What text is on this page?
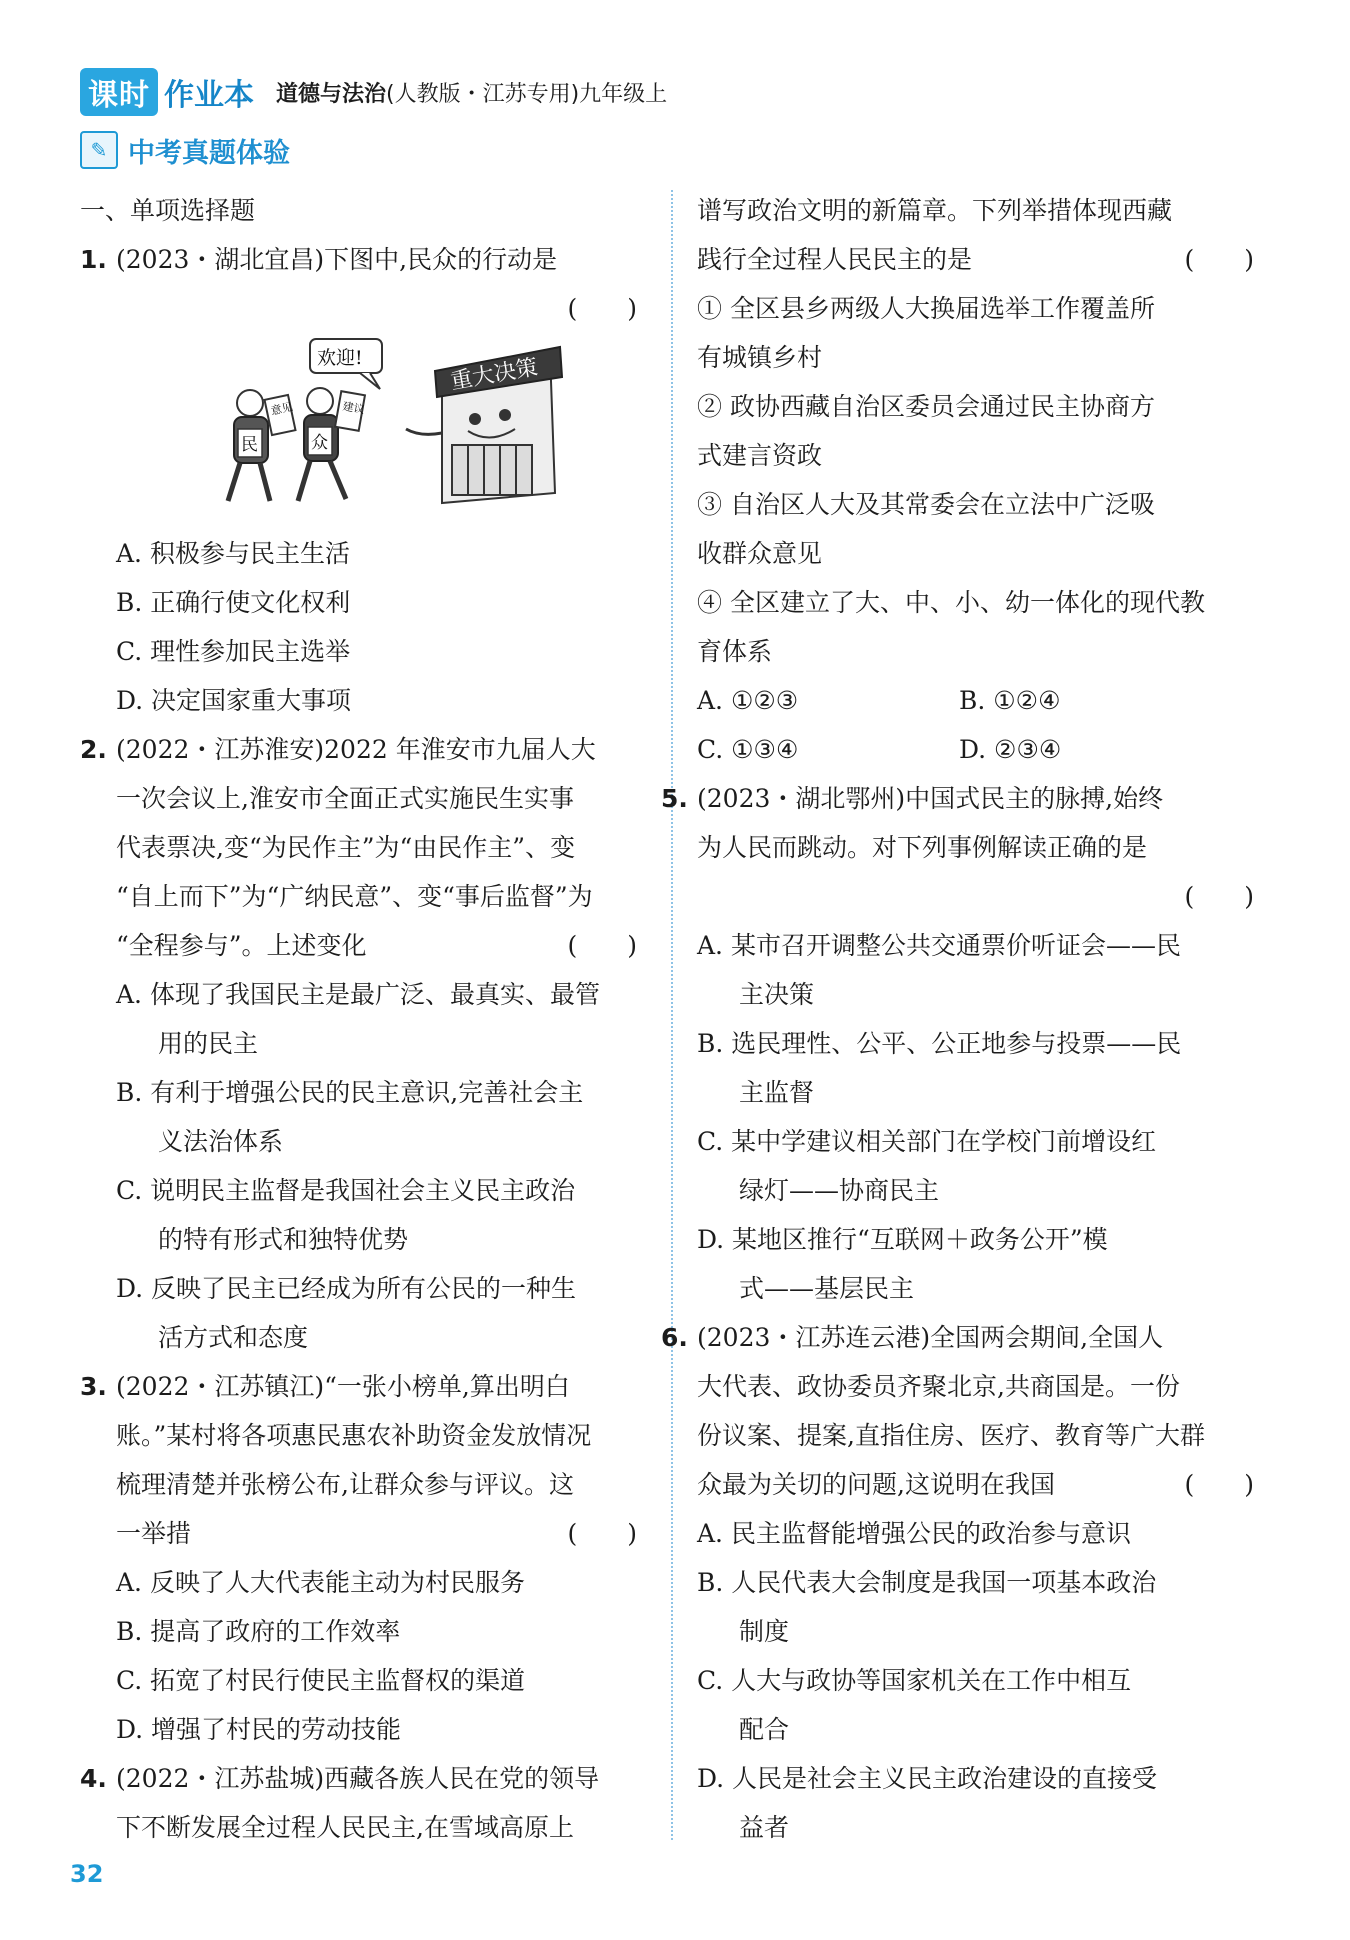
课时 作业本 道德与法治(人教版・江苏专用)九年级上
✎ 中考真题体验
一、单项选择题
1. (2023・湖北宜昌)下图中,民众的行动是
(　　)
重大决策
欢迎!
民
意见
众
建议
A. 积极参与民主生活
B. 正确行使文化权利
C. 理性参加民主选举
D. 决定国家重大事项
2. (2022・江苏淮安)2022 年淮安市九届人大
一次会议上,淮安市全面正式实施民生实事
代表票决,变“为民作主”为“由民作主”、变
“自上而下”为“广纳民意”、变“事后监督”为
“全程参与”。上述变化	(　　)
A. 体现了我国民主是最广泛、最真实、最管
用的民主
B. 有利于增强公民的民主意识,完善社会主
义法治体系
C. 说明民主监督是我国社会主义民主政治
的特有形式和独特优势
D. 反映了民主已经成为所有公民的一种生
活方式和态度
3. (2022・江苏镇江)“一张小榜单,算出明白
账。”某村将各项惠民惠农补助资金发放情况
梳理清楚并张榜公布,让群众参与评议。这
一举措	(　　)
A. 反映了人大代表能主动为村民服务
B. 提高了政府的工作效率
C. 拓宽了村民行使民主监督权的渠道
D. 增强了村民的劳动技能
4. (2022・江苏盐城)西藏各族人民在党的领导
下不断发展全过程人民民主,在雪域高原上
谱写政治文明的新篇章。下列举措体现西藏
践行全过程人民民主的是	(　　)
① 全区县乡两级人大换届选举工作覆盖所
有城镇乡村
② 政协西藏自治区委员会通过民主协商方
式建言资政
③ 自治区人大及其常委会在立法中广泛吸
收群众意见
④ 全区建立了大、中、小、幼一体化的现代教
育体系
A. ①②③	B. ①②④
C. ①③④	D. ②③④
5. (2023・湖北鄂州)中国式民主的脉搏,始终
为人民而跳动。对下列事例解读正确的是
(　　)
A. 某市召开调整公共交通票价听证会——民
主决策
B. 选民理性、公平、公正地参与投票——民
主监督
C. 某中学建议相关部门在学校门前增设红
绿灯——协商民主
D. 某地区推行“互联网＋政务公开”模
式——基层民主
6. (2023・江苏连云港)全国两会期间,全国人
大代表、政协委员齐聚北京,共商国是。一份
份议案、提案,直指住房、医疗、教育等广大群
众最为关切的问题,这说明在我国	(　　)
A. 民主监督能增强公民的政治参与意识
B. 人民代表大会制度是我国一项基本政治
制度
C. 人大与政协等国家机关在工作中相互
配合
D. 人民是社会主义民主政治建设的直接受
益者
32
